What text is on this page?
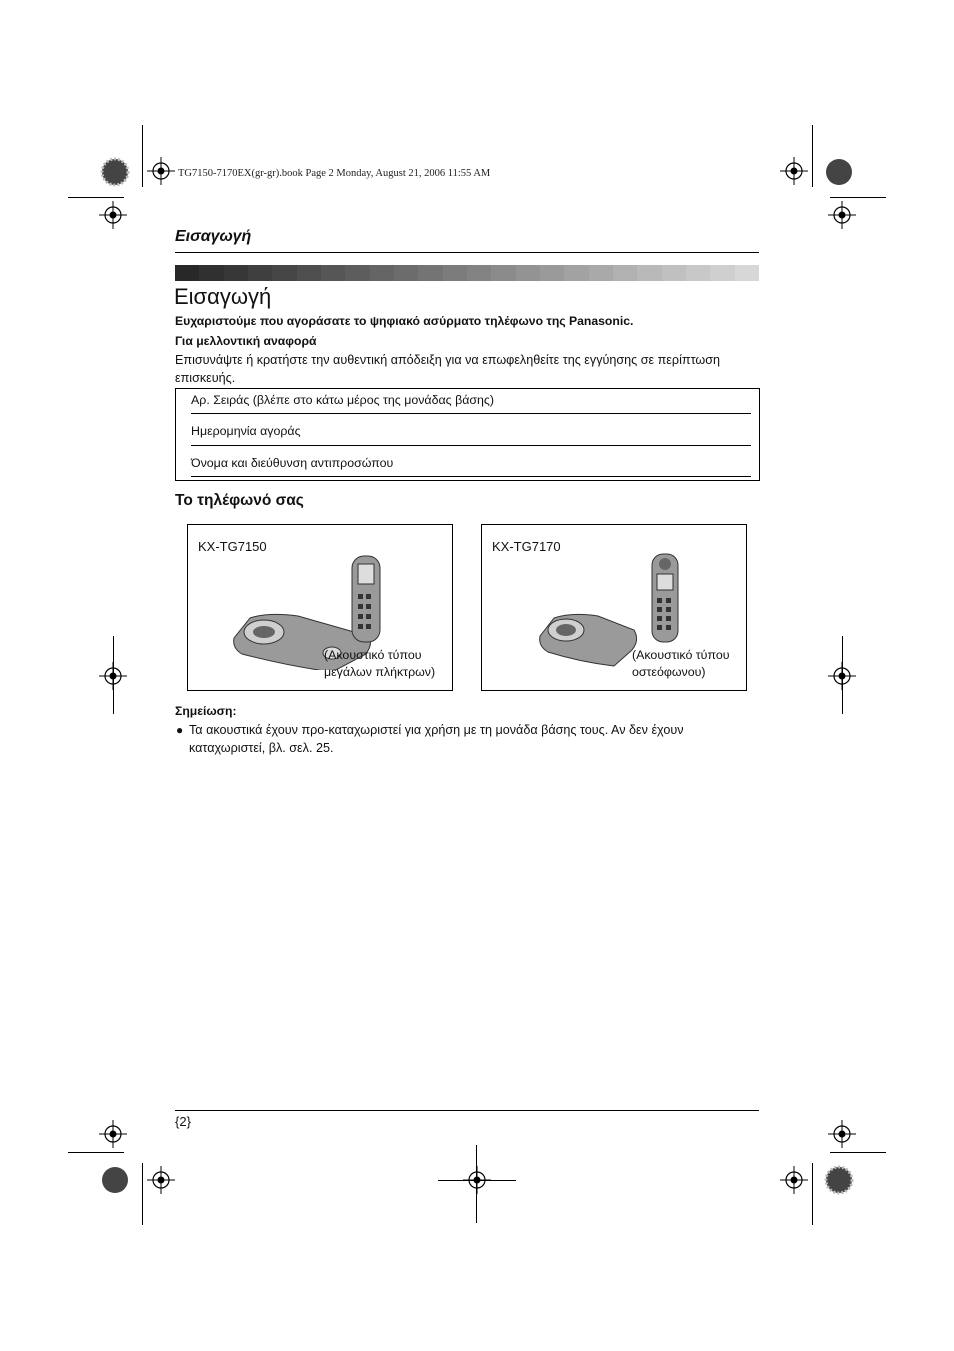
TG7150-7170EX(gr-gr).book Page 2 Monday, August 21, 2006 11:55 AM
Εισαγωγή
Εισαγωγή
Ευχαριστούμε που αγοράσατε το ψηφιακό ασύρματο τηλέφωνο της Panasonic.
Για μελλοντική αναφορά
Επισυνάψτε ή κρατήστε την αυθεντική απόδειξη για να επωφεληθείτε της εγγύησης σε περίπτωση επισκευής.
Αρ. Σειράς (βλέπε στο κάτω μέρος της μονάδας βάσης)
Ημερομηνία αγοράς
Όνομα και διεύθυνση αντιπροσώπου
Το τηλέφωνό σας
KX-TG7150
(Ακουστικό τύπου
μεγάλων πλήκτρων)
KX-TG7170
(Ακουστικό τύπου
οστεόφωνου)
Σημείωση:
● Τα ακουστικά έχουν προ-καταχωριστεί για χρήση με τη μονάδα βάσης τους. Αν δεν έχουν καταχωριστεί, βλ. σελ. 25.
{2}
